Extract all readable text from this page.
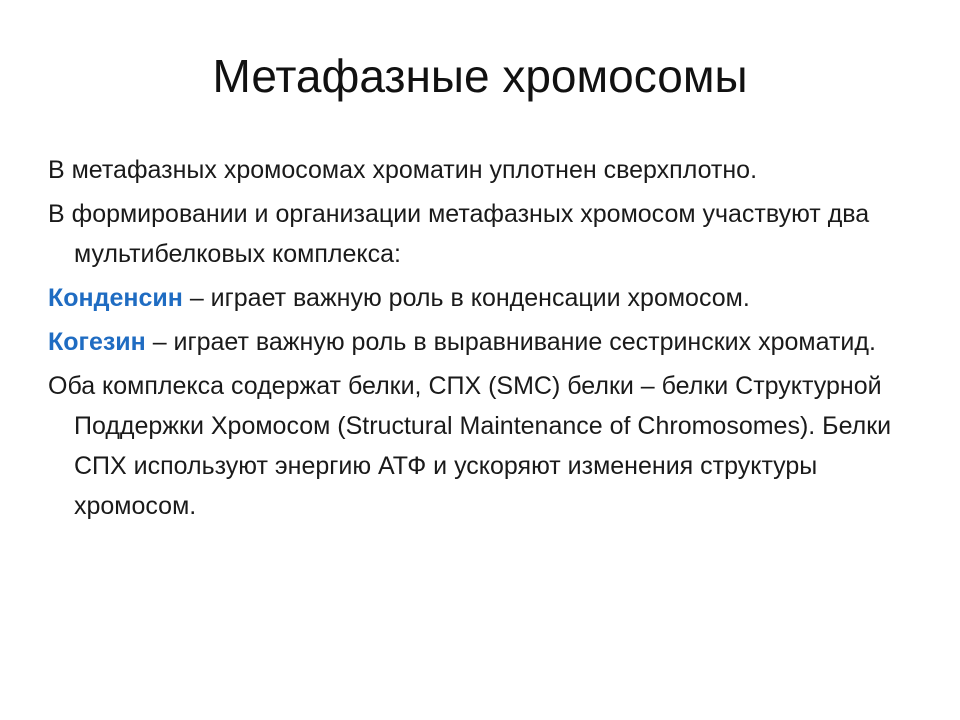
Метафазные хромосомы
В метафазных хромосомах хроматин уплотнен сверхплотно.
В формировании и организации метафазных хромосом участвуют два мультибелковых комплекса:
Конденсин – играет важную роль в конденсации хромосом.
Когезин – играет важную роль в выравнивание сестринских хроматид.
Оба комплекса содержат белки, СПХ (SMC) белки – белки Структурной Поддержки Хромосом (Structural Maintenance of Chromosomes). Белки СПХ используют энергию АТФ и ускоряют изменения структуры хромосом.
